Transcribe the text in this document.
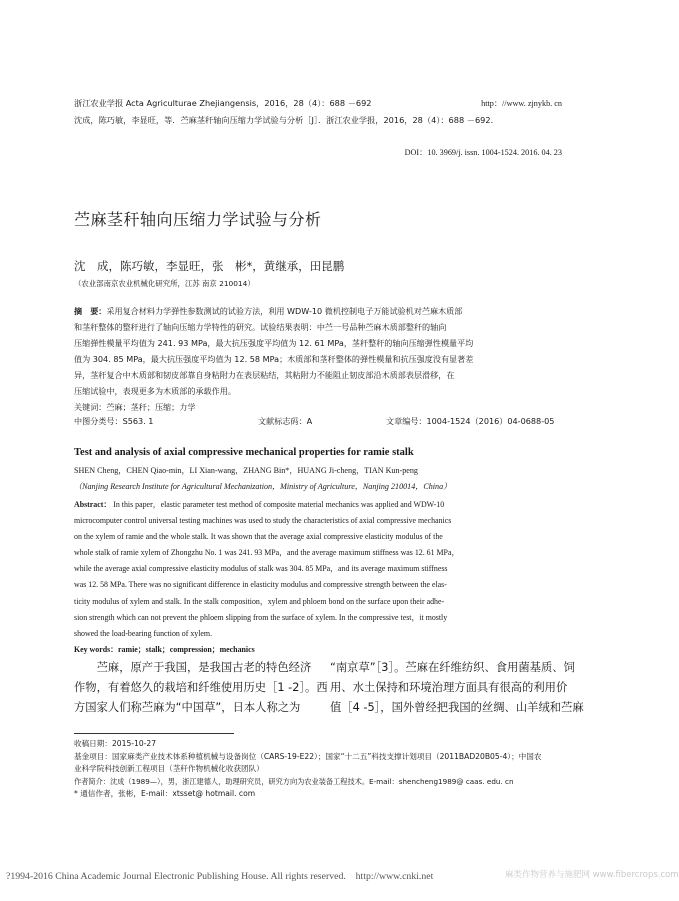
浙江农业学报 Acta Agriculturae Zhejiangensis，2016，28（4）：688 －692	http：//www. zjnykb. cn
沈成，陈巧敏，李显旺，等．苎麻茎秆轴向压缩力学试验与分析［J］．浙江农业学报，2016，28（4）：688 －692．
DOI：10. 3969/j. issn. 1004-1524. 2016. 04. 23
苎麻茎秆轴向压缩力学试验与分析
沈　成，陈巧敏，李显旺，张　彬*，黄继承，田昆鹏
（农业部南京农业机械化研究所，江苏 南京 210014）
摘　要：采用复合材料力学弹性参数测试的试验方法，利用 WDW-10 微机控制电子万能试验机对苎麻木质部
和茎秆整体的整秆进行了轴向压缩力学特性的研究。试验结果表明：中苎一号品种苎麻木质部整秆的轴向
压缩弹性模量平均值为 241. 93 MPa，最大抗压强度平均值为 12. 61 MPa，茎秆整秆的轴向压缩弹性模量平均
值为 304. 85 MPa，最大抗压强度平均值为 12. 58 MPa；木质部和茎秆整体的弹性模量和抗压强度没有显著差
异，茎秆复合中木质部和韧皮部靠自身粘附力在表层粘结，其粘附力不能阻止韧皮部沿木质部表层滑移，在
压缩试验中，表现更多为木质部的承载作用。
关键词：苎麻；茎秆；压缩；力学
中图分类号：S563. 1	文献标志码：A	文章编号：1004-1524（2016）04-0688-05
Test and analysis of axial compressive mechanical properties for ramie stalk
SHEN Cheng，CHEN Qiao-min，LI Xian-wang，ZHANG Bin*，HUANG Ji-cheng，TIAN Kun-peng
（Nanjing Research Institute for Agricultural Mechanization，Ministry of Agriculture，Nanjing 210014，China）
Abstract： In this paper，elastic parameter test method of composite material mechanics was applied and WDW-10
microcomputer control universal testing machines was used to study the characteristics of axial compressive mechanics
on the xylem of ramie and the whole stalk. It was shown that the average axial compressive elasticity modulus of the
whole stalk of ramie xylem of Zhongzhu No. 1 was 241. 93 MPa，and the average maximum stiffness was 12. 61 MPa，
while the average axial compressive elasticity modulus of stalk was 304. 85 MPa，and its average maximum stiffness
was 12. 58 MPa. There was no significant difference in elasticity modulus and compressive strength between the elas-
ticity modulus of xylem and stalk. In the stalk composition，xylem and phloem bond on the surface upon their adhe-
sion strength which can not prevent the phloem slipping from the surface of xylem. In the compressive test，it mostly
showed the load-bearing function of xylem.
Key words：ramie；stalk；compression；mechanics
　　苎麻，原产于我国，是我国古老的特色经济
作物，有着悠久的栽培和纤维使用历史［1 -2］。西
方国家人们称苎麻为“中国草”，日本人称之为
“南京草”［3］。苎麻在纤维纺织、食用菌基质、饲
用、水土保持和环境治理方面具有很高的利用价
值［4 -5］，国外曾经把我国的丝绸、山羊绒和苎麻
收稿日期：2015-10-27
基金项目：国家麻类产业技术体系种植机械与设备岗位（CARS-19-E22）；国家“十二五”科技支撑计划项目（2011BAD20B05-4）；中国农
业科学院科技创新工程项目（茎秆作物机械化收获团队）
作者简介：沈成（1989—），男，浙江建德人，助理研究员，研究方向为农业装备工程技术。E-mail：shencheng1989@ caas. edu. cn
* 通信作者，张彬，E-mail：xtsset@ hotmail. com
?1994-2016 China Academic Journal Electronic Publishing House. All rights reserved.　http://www.cnki.net	麻类作物营养与施肥网 www.fibercrops.com
